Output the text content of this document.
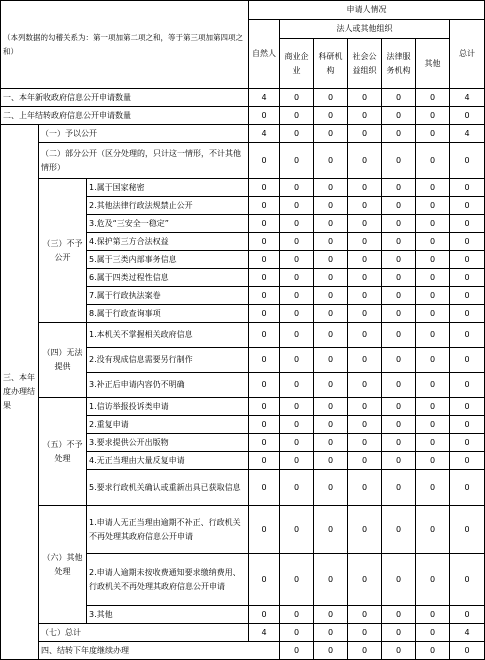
（本列数据的勾稽关系为：第一项加第二项之和，等于第三项加第四项之和）			申请人情况							
			自然人	法人或其他组织					总计	
				商业企业	科研机构	社会公益组织	法律服务机构	其他		
一、本年新收政府信息公开申请数量			4	0	0	0	0	0	4	
二、上年结转政府信息公开申请数量			0	0	0	0	0	0	0	
三、本年度办理结果	（一）予以公开		4	0	0	0	0	0	4	
	（二）部分公开（区分处理的，只计这一情形，不计其他情形）		0	0	0	0	0	0	0	
	（三）不予公开	1.属于国家秘密	0	0	0	0	0	0	0	
		2.其他法律行政法规禁止公开	0	0	0	0	0	0	0	
		3.危及“三安全一稳定”	0	0	0	0	0	0	0	
		4.保护第三方合法权益	0	0	0	0	0	0	0	
		5.属于三类内部事务信息	0	0	0	0	0	0	0	
		6.属于四类过程性信息	0	0	0	0	0	0	0	
		7.属于行政执法案卷	0	0	0	0	0	0	0	
		8.属于行政查询事项	0	0	0	0	0	0	0	
	（四）无法提供	1.本机关不掌握相关政府信息	0	0	0	0	0	0	0	
		2.没有现成信息需要另行制作	0	0	0	0	0	0	0	
		3.补正后申请内容仍不明确	0	0	0	0	0	0	0	
	（五）不予处理	1.信访举报投诉类申请	0	0	0	0	0	0	0	
		2.重复申请	0	0	0	0	0	0	0	
		3.要求提供公开出版物	0	0	0	0	0	0	0	
		4.无正当理由大量反复申请	0	0	0	0	0	0	0	
		5.要求行政机关确认或重新出具已获取信息	0	0	0	0	0	0	0	
	（六）其他处理	1.申请人无正当理由逾期不补正、行政机关不再处理其政府信息公开申请	0	0	0	0	0	0	0	
		2.申请人逾期未按收费通知要求缴纳费用、行政机关不再处理其政府信息公开申请	0	0	0	0	0	0	0	
		3.其他	0	0	0	0	0	0	0	
	（七）总计		4	0	0	0	0	0	4	
	四、结转下年度继续办理			0	0	0	0	0	0	
